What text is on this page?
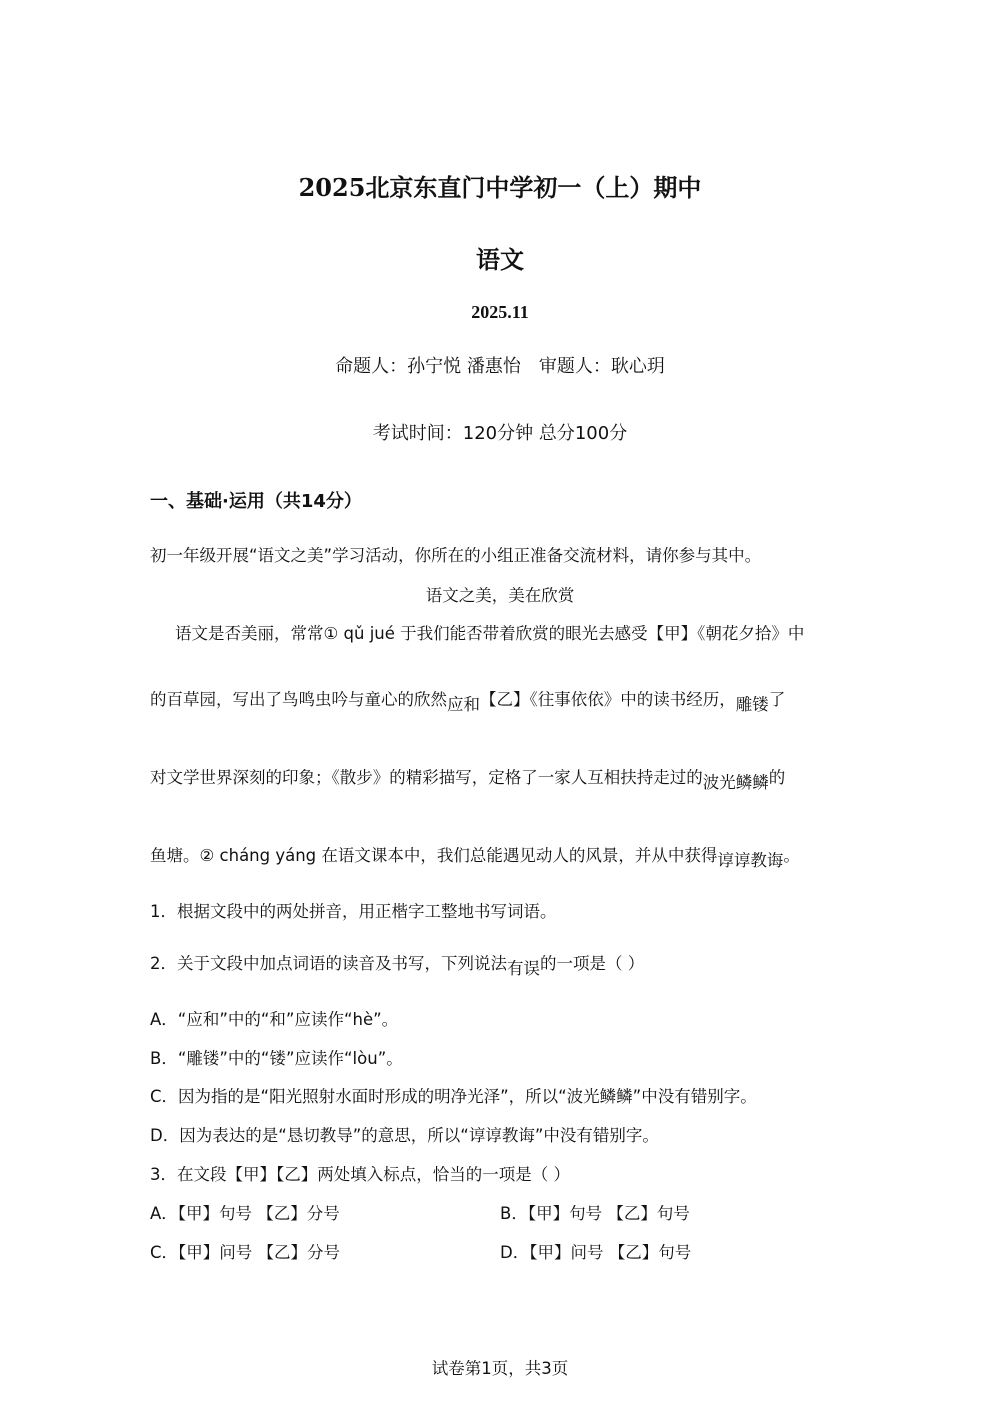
2025北京东直门中学初一（上）期中
语文
2025.11
命题人：孙宁悦 潘惠怡　审题人：耿心玥
考试时间：120分钟 总分100分
一、基础·运用（共14分）
初一年级开展“语文之美”学习活动，你所在的小组正准备交流材料，请你参与其中。
语文之美，美在欣赏
语文是否美丽，常常① qǔ jué 于我们能否带着欣赏的眼光去感受【甲】《朝花夕拾》中
的百草园，写出了鸟鸣虫吟与童心的欣然应和【乙】《往事依依》中的读书经历，雕镂了
对文学世界深刻的印象；《散步》的精彩描写，定格了一家人互相扶持走过的波光鳞鳞的
鱼塘。② cháng yáng 在语文课本中，我们总能遇见动人的风景，并从中获得谆谆教诲。
1．根据文段中的两处拼音，用正楷字工整地书写词语。
2．关于文段中加点词语的读音及书写，下列说法有误的一项是（ ）
A．“应和”中的“和”应读作“hè”。
B．“雕镂”中的“镂”应读作“lòu”。
C．因为指的是“阳光照射水面时形成的明净光泽”，所以“波光鳞鳞”中没有错别字。
D．因为表达的是“恳切教导”的意思，所以“谆谆教诲”中没有错别字。
3．在文段【甲】【乙】两处填入标点，恰当的一项是（ ）
A．【甲】句号 【乙】分号	B．【甲】句号 【乙】句号
C．【甲】问号 【乙】分号	D．【甲】问号 【乙】句号
试卷第1页，共3页
